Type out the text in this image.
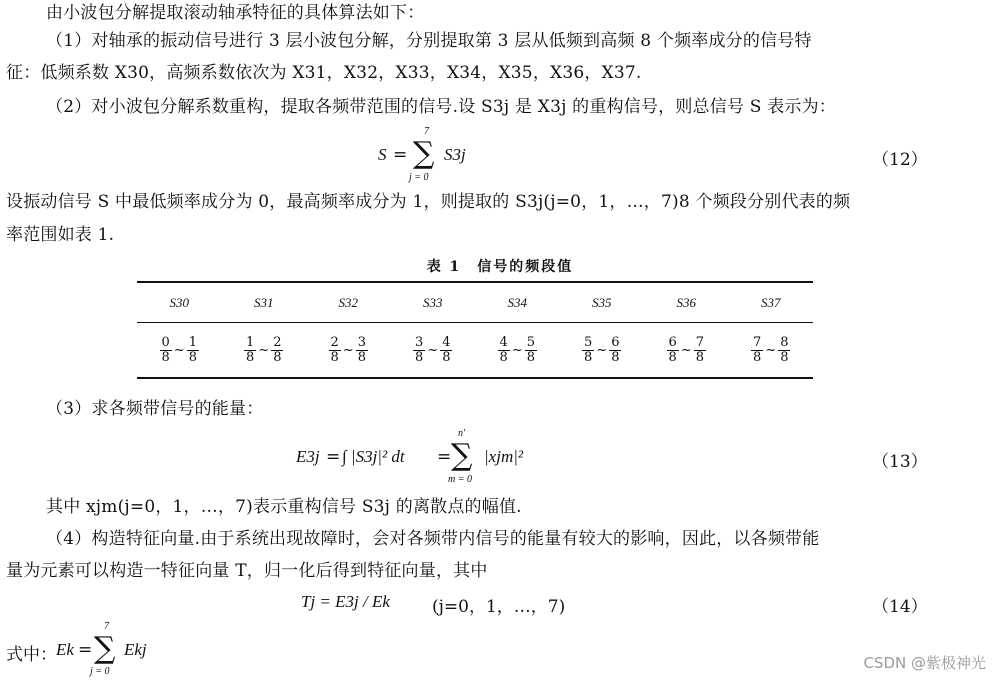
由小波包分解提取滚动轴承特征的具体算法如下：
（1）对轴承的振动信号进行 3 层小波包分解，分别提取第 3 层从低频到高频 8 个频率成分的信号特
征：低频系数 X30，高频系数依次为 X31，X32，X33，X34，X35，X36，X37.
（2）对小波包分解系数重构，提取各频带范围的信号.设 S3j 是 X3j 的重构信号，则总信号 S 表示为：
S =
7
∑
j = 0
S3j	（12）
设振动信号 S 中最低频率成分为 0，最高频率成分为 1，则提取的 S3j(j=0，1，…，7)8 个频段分别代表的频
率范围如表 1.
表 1　信号的频段值
S30	S31	S32	S33	S34	S35	S36	S37

$\frac{0}{8}$ ~ $\frac{1}{8}$	$\frac{1}{8}$ ~ $\frac{2}{8}$	$\frac{2}{8}$ ~ $\frac{3}{8}$	$\frac{3}{8}$ ~ $\frac{4}{8}$	$\frac{4}{8}$ ~ $\frac{5}{8}$	$\frac{5}{8}$ ~ $\frac{6}{8}$	$\frac{6}{8}$ ~ $\frac{7}{8}$	$\frac{7}{8}$ ~ $\frac{8}{8}$
（3）求各频带信号的能量：
E3j = ∫ |S3j|² dt =
n'
∑
m = 0
|xjm|²	（13）
其中 xjm(j=0，1，…，7)表示重构信号 S3j 的离散点的幅值.
（4）构造特征向量.由于系统出现故障时，会对各频带内信号的能量有较大的影响，因此，以各频带能
量为元素可以构造一特征向量 T，归一化后得到特征向量，其中
Tj = E3j / Ek (j=0，1，…，7)	（14）
式中： Ek =
7
∑
j = 0
Ekj
CSDN @紫极神光
